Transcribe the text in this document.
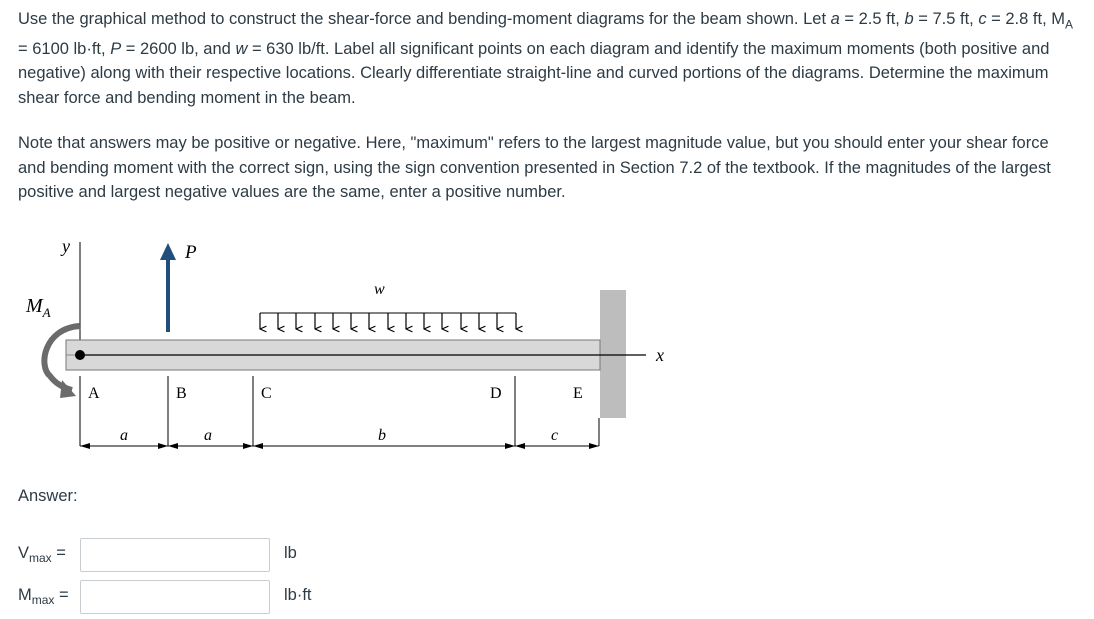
Use the graphical method to construct the shear-force and bending-moment diagrams for the beam shown. Let a = 2.5 ft, b = 7.5 ft, c = 2.8 ft, $M_A = 6100$ lb·ft, P = 2600 lb, and w = 630 lb/ft. Label all significant points on each diagram and identify the maximum moments (both positive and negative) along with their respective locations. Clearly differentiate straight-line and curved portions of the diagrams. Determine the maximum shear force and bending moment in the beam.

Note that answers may be positive or negative. Here, "maximum" refers to the largest magnitude value, but you should enter your shear force and bending moment with the correct sign, using the sign convention presented in Section 7.2 of the textbook. If the magnitudes of the largest positive and largest negative values are the same, enter a positive number.

y
$M_A$
x
P
w
A	B	C	D	E
a	a	b	c
Answer:
$V_{max}$ =	lb
$M_{max}$ =	lb·ft
